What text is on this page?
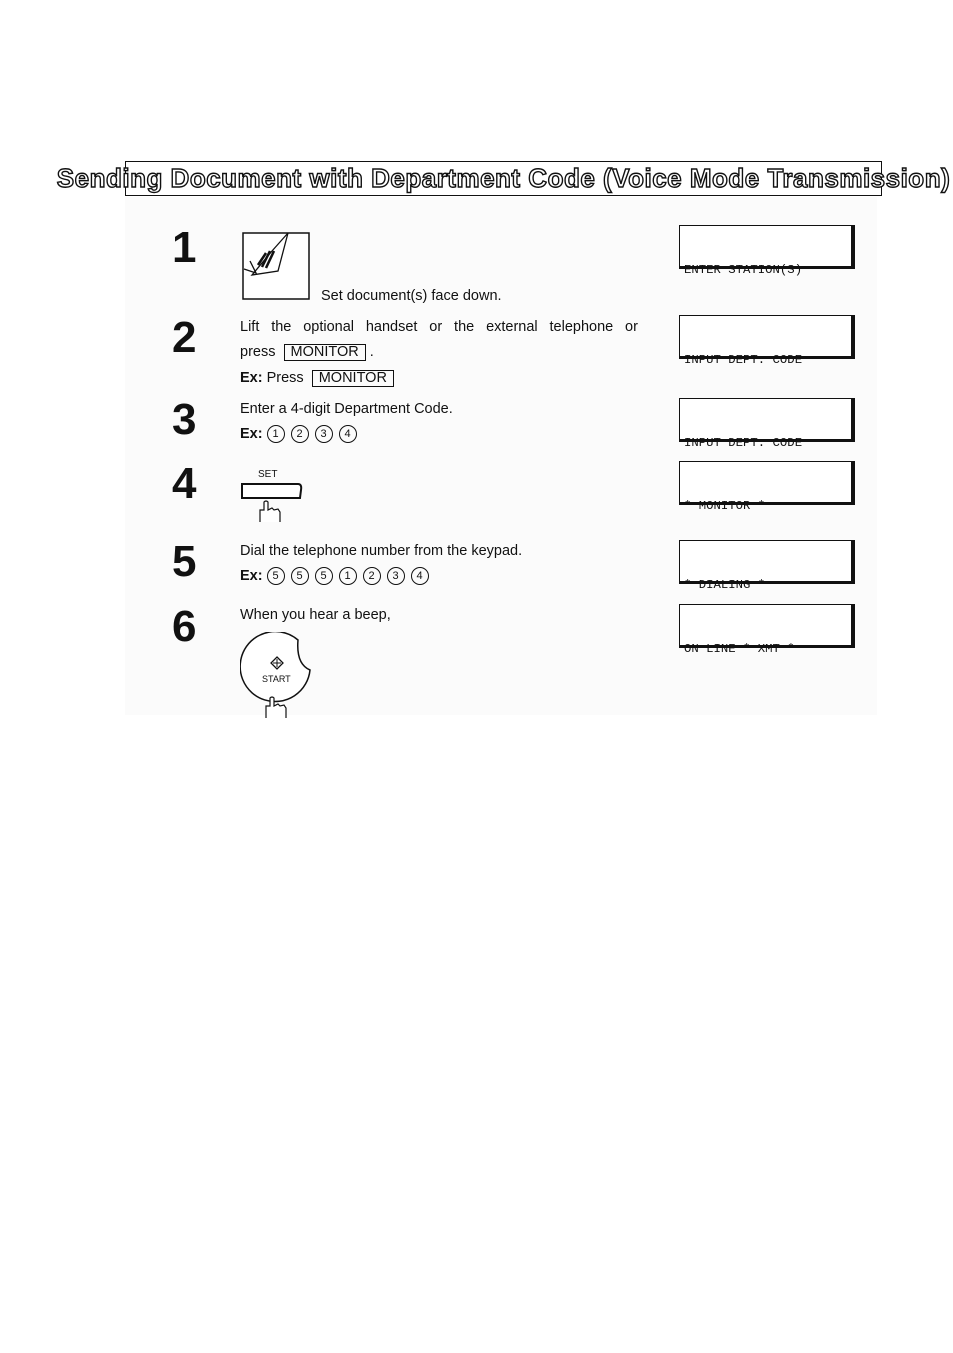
Sending Document with Department Code (Voice Mode Transmission)
1
Set document(s) face down.
2	Lift the optional handset or the external telephone or
press MONITOR .
Ex: Press MONITOR
3	Enter a 4-digit Department Code.
Ex: 1 2 3 4
4	SET
5	Dial the telephone number from the keypad.
Ex: 5 5 5 1 2 3 4
6	When you hear a beep,
START

ENTER STATION(S)

INPUT DEPT. CODE

INPUT DEPT. CODE

* MONITOR *

* DIALING *

ON LINE * XMT *
